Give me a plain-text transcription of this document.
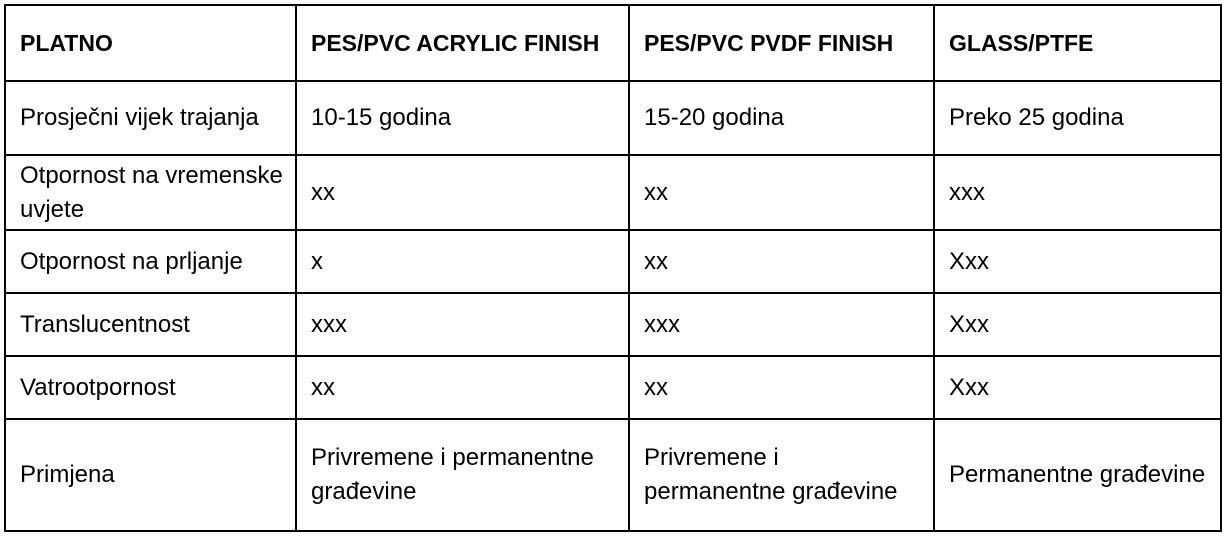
PLATNO	PES/PVC ACRYLIC FINISH	PES/PVC PVDF FINISH	GLASS/PTFE
Prosječni vijek trajanja	10-15 godina	15-20 godina	Preko 25 godina
Otpornost na vremenske uvjete	xx	xx	xxx
Otpornost na prljanje	x	xx	Xxx
Translucentnost	xxx	xxx	Xxx
Vatrootpornost	xx	xx	Xxx
Primjena	Privremene i permanentne građevine	Privremene i permanentne građevine	Permanentne građevine
